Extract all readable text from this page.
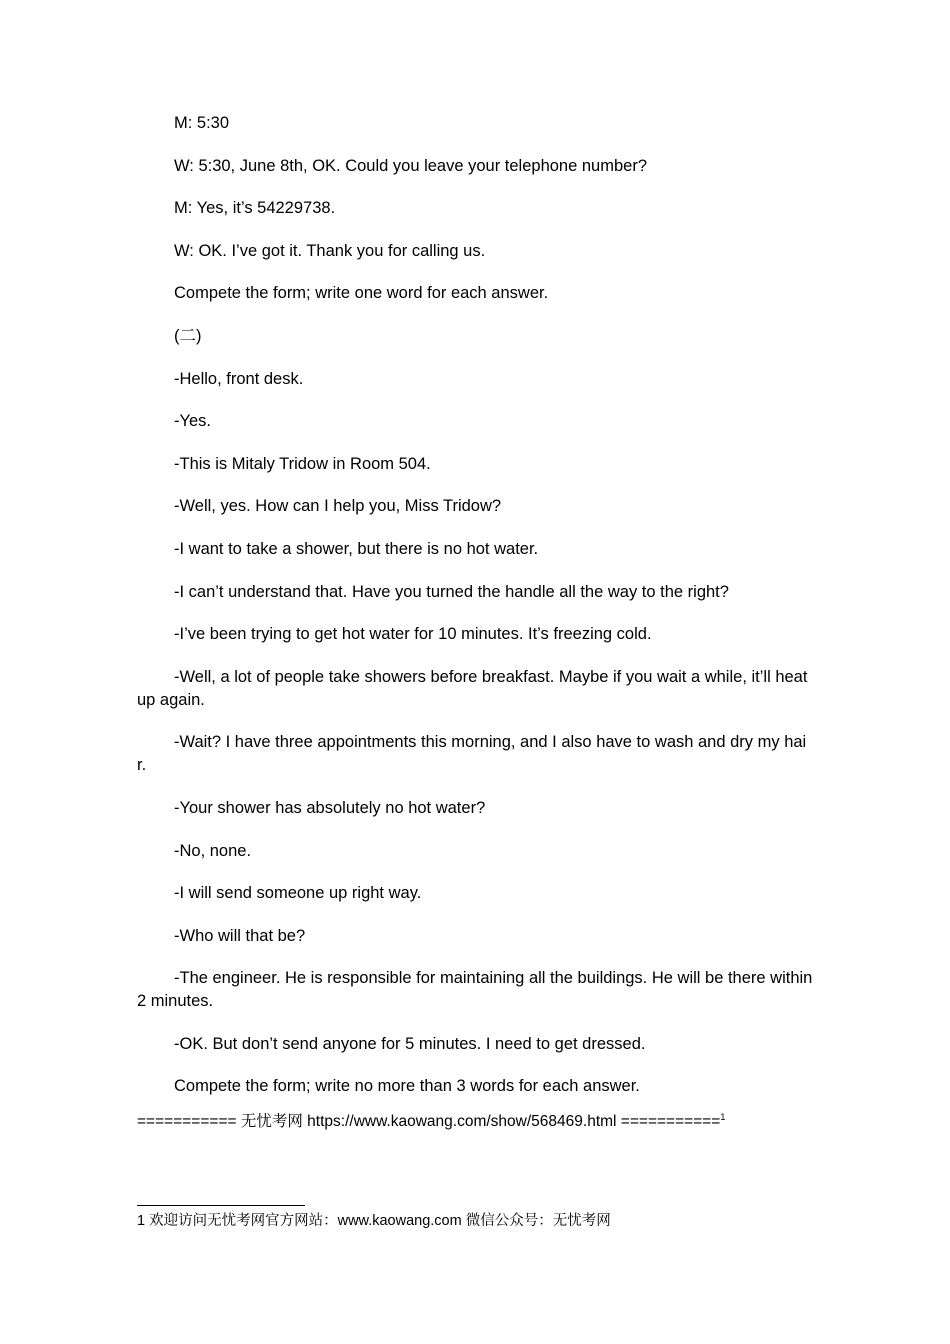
M: 5:30

W: 5:30, June 8th, OK. Could you leave your telephone number?

M: Yes, it’s 54229738.

W: OK. I’ve got it. Thank you for calling us.

Compete the form; write one word for each answer.

(二)

-Hello, front desk.

-Yes.

-This is Mitaly Tridow in Room 504.

-Well, yes. How can I help you, Miss Tridow?

-I want to take a shower, but there is no hot water.

-I can’t understand that. Have you turned the handle all the way to the right?

-I’ve been trying to get hot water for 10 minutes. It’s freezing cold.

-Well, a lot of people take showers before breakfast. Maybe if you wait a while, it’ll heat up again.

-Wait? I have three appointments this morning, and I also have to wash and dry my hair.

-Your shower has absolutely no hot water?

-No, none.

-I will send someone up right way.

-Who will that be?

-The engineer. He is responsible for maintaining all the buildings. He will be there within 2 minutes.

-OK. But don’t send anyone for 5 minutes. I need to get dressed.

Compete the form; write no more than 3 words for each answer.

=========== 无忧考网 https://www.kaowang.com/show/568469.html ===========$^1$
1 欢迎访问无忧考网官方网站：www.kaowang.com 微信公众号：无忧考网
